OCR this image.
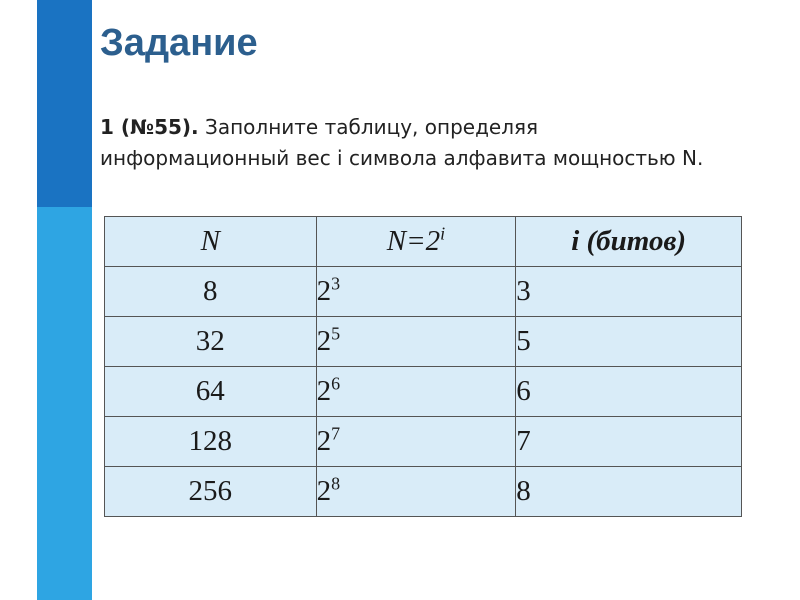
Задание
1 (№55). Заполните таблицу, определяя информационный вес i символа алфавита мощностью N.
N	$N=2^i$	i (битов)
8	$2^3$	3
32	$2^5$	5
64	$2^6$	6
128	$2^7$	7
256	$2^8$	8
